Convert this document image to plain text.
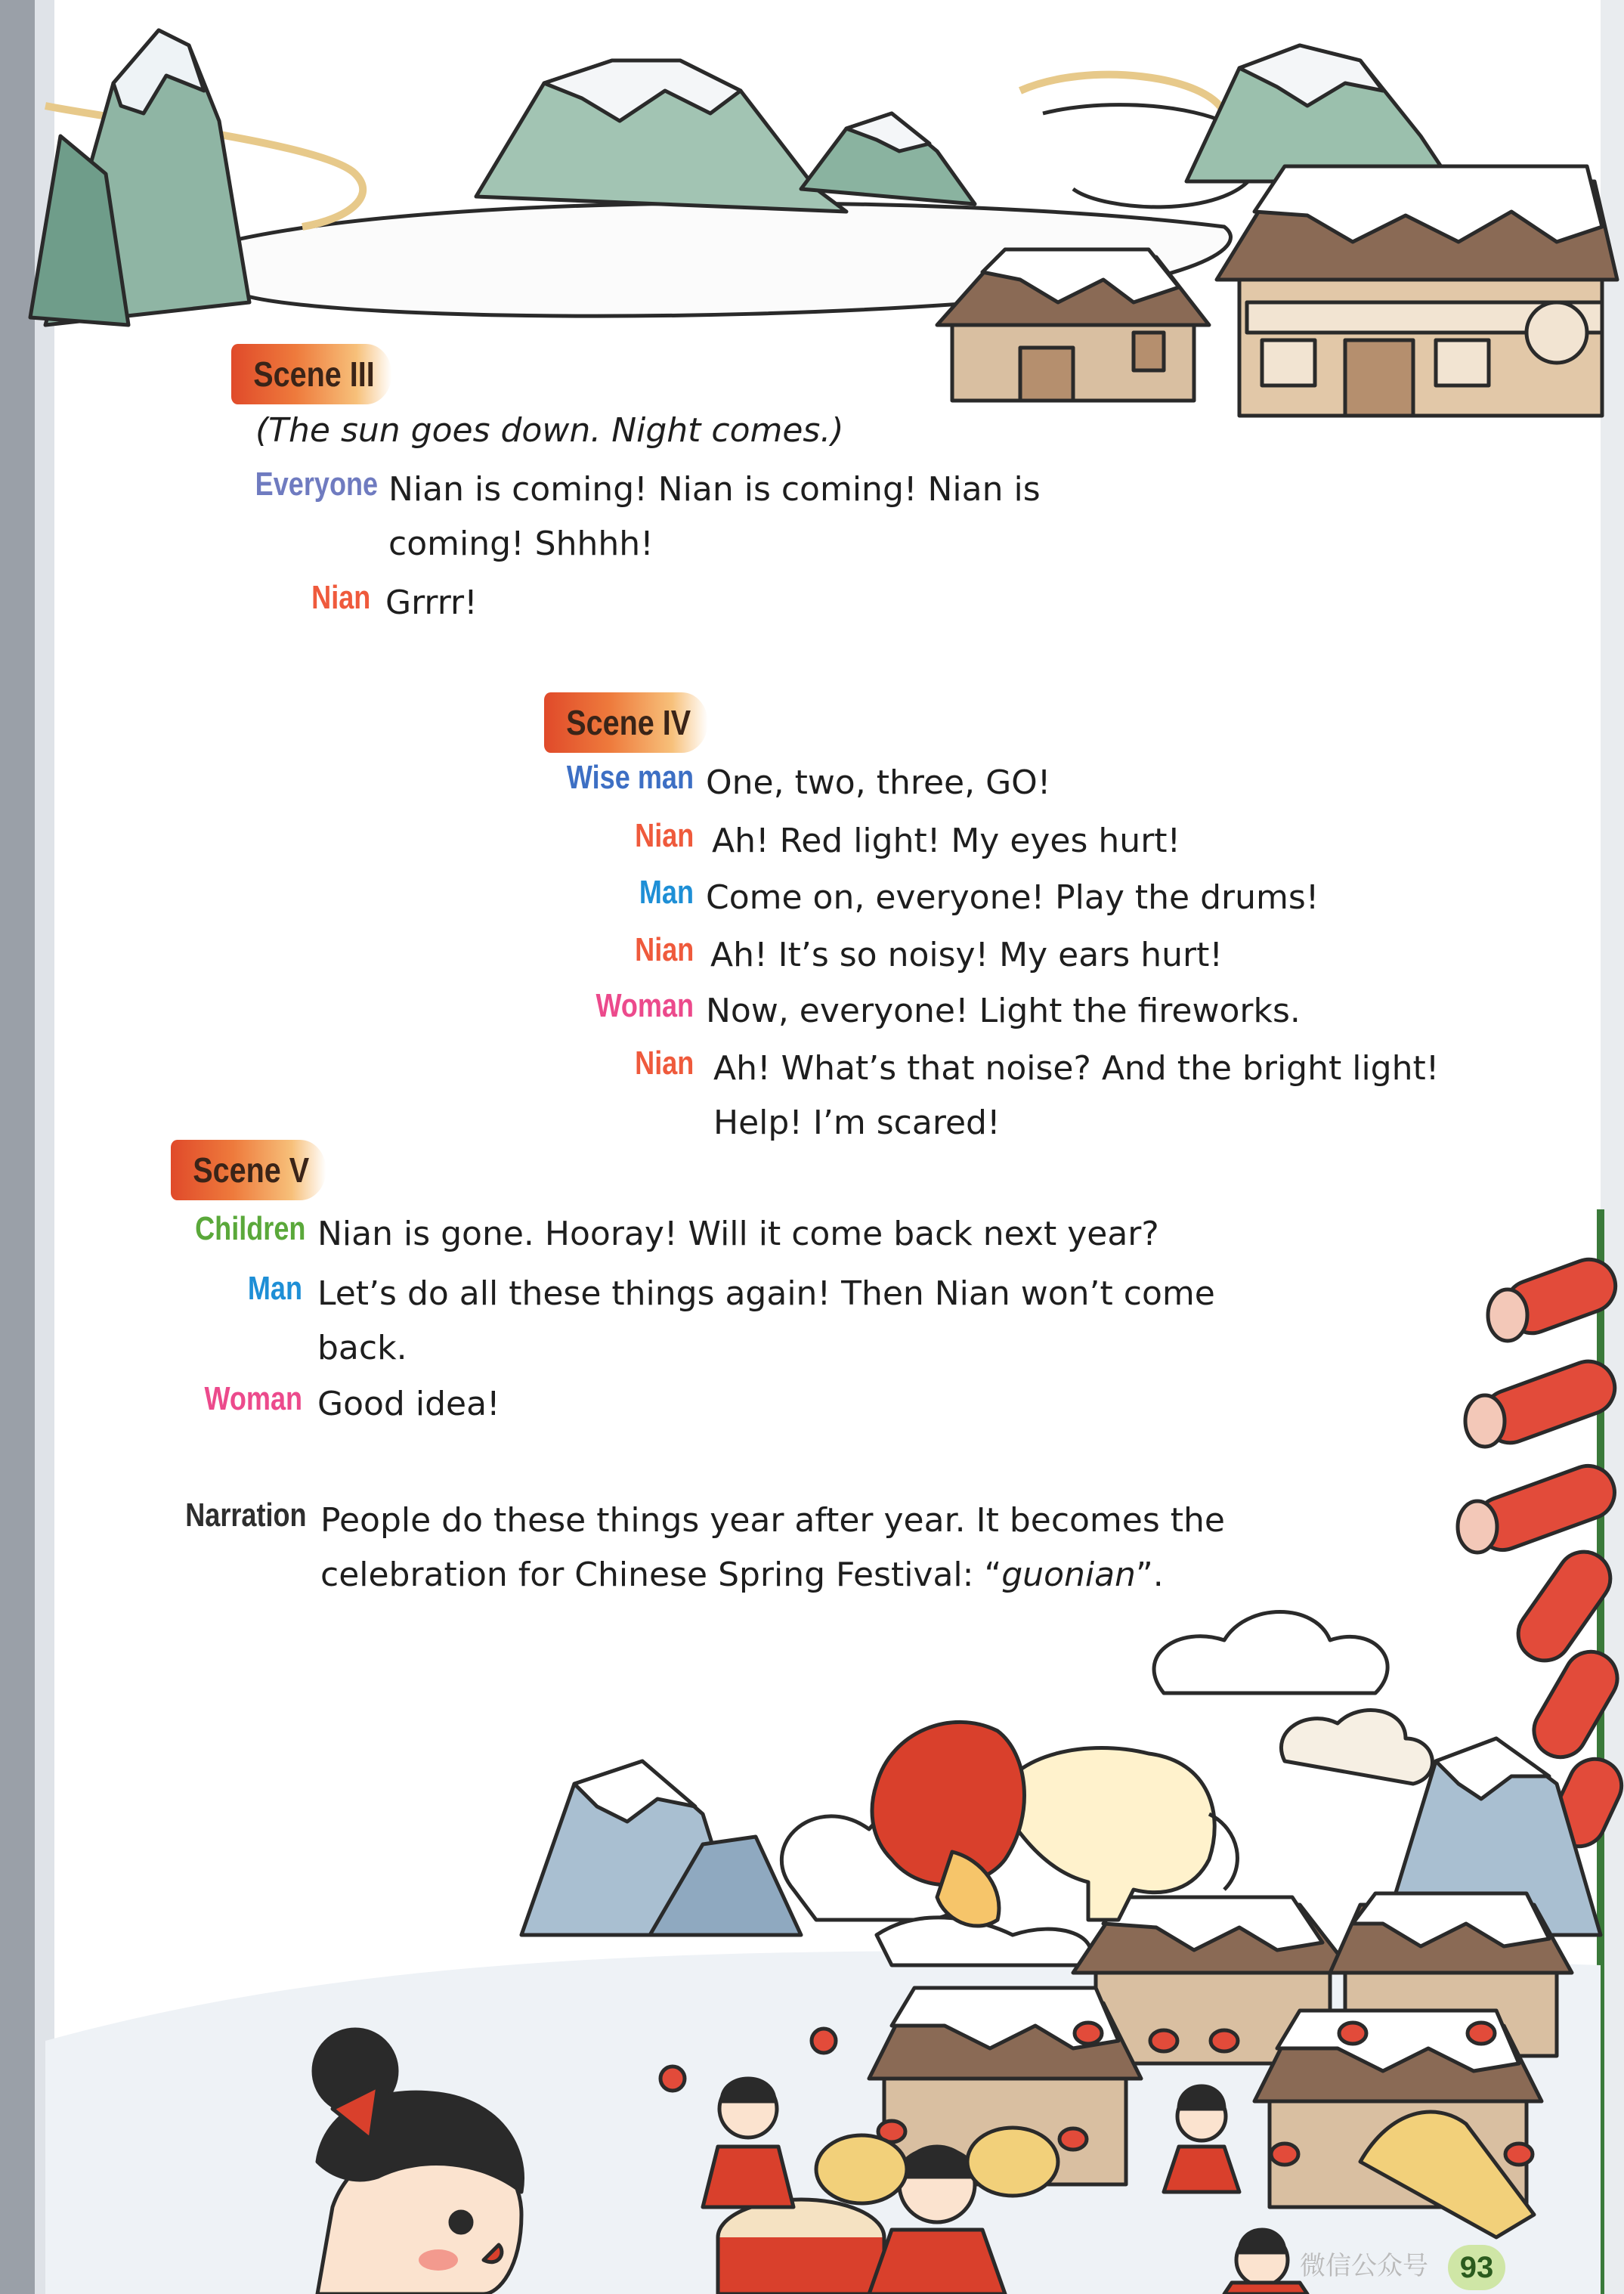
Scene III
(The sun goes down. Night comes.)
Everyone Nian is coming! Nian is coming! Nian is coming! Shhhh!
Nian Grrrr!
Scene IV
Wise man One, two, three, GO!
Nian Ah! Red light! My eyes hurt!
Man Come on, everyone! Play the drums!
Nian Ah! It’s so noisy! My ears hurt!
Woman Now, everyone! Light the fireworks.
Nian Ah! What’s that noise? And the bright light! Help! I’m scared!
Scene V
Children Nian is gone. Hooray! Will it come back next year?
Man Let’s do all these things again! Then Nian won’t come back.
Woman Good idea!
Narration People do these things year after year. It becomes the celebration for Chinese Spring Festival: “guonian”.
微信公众号	93
